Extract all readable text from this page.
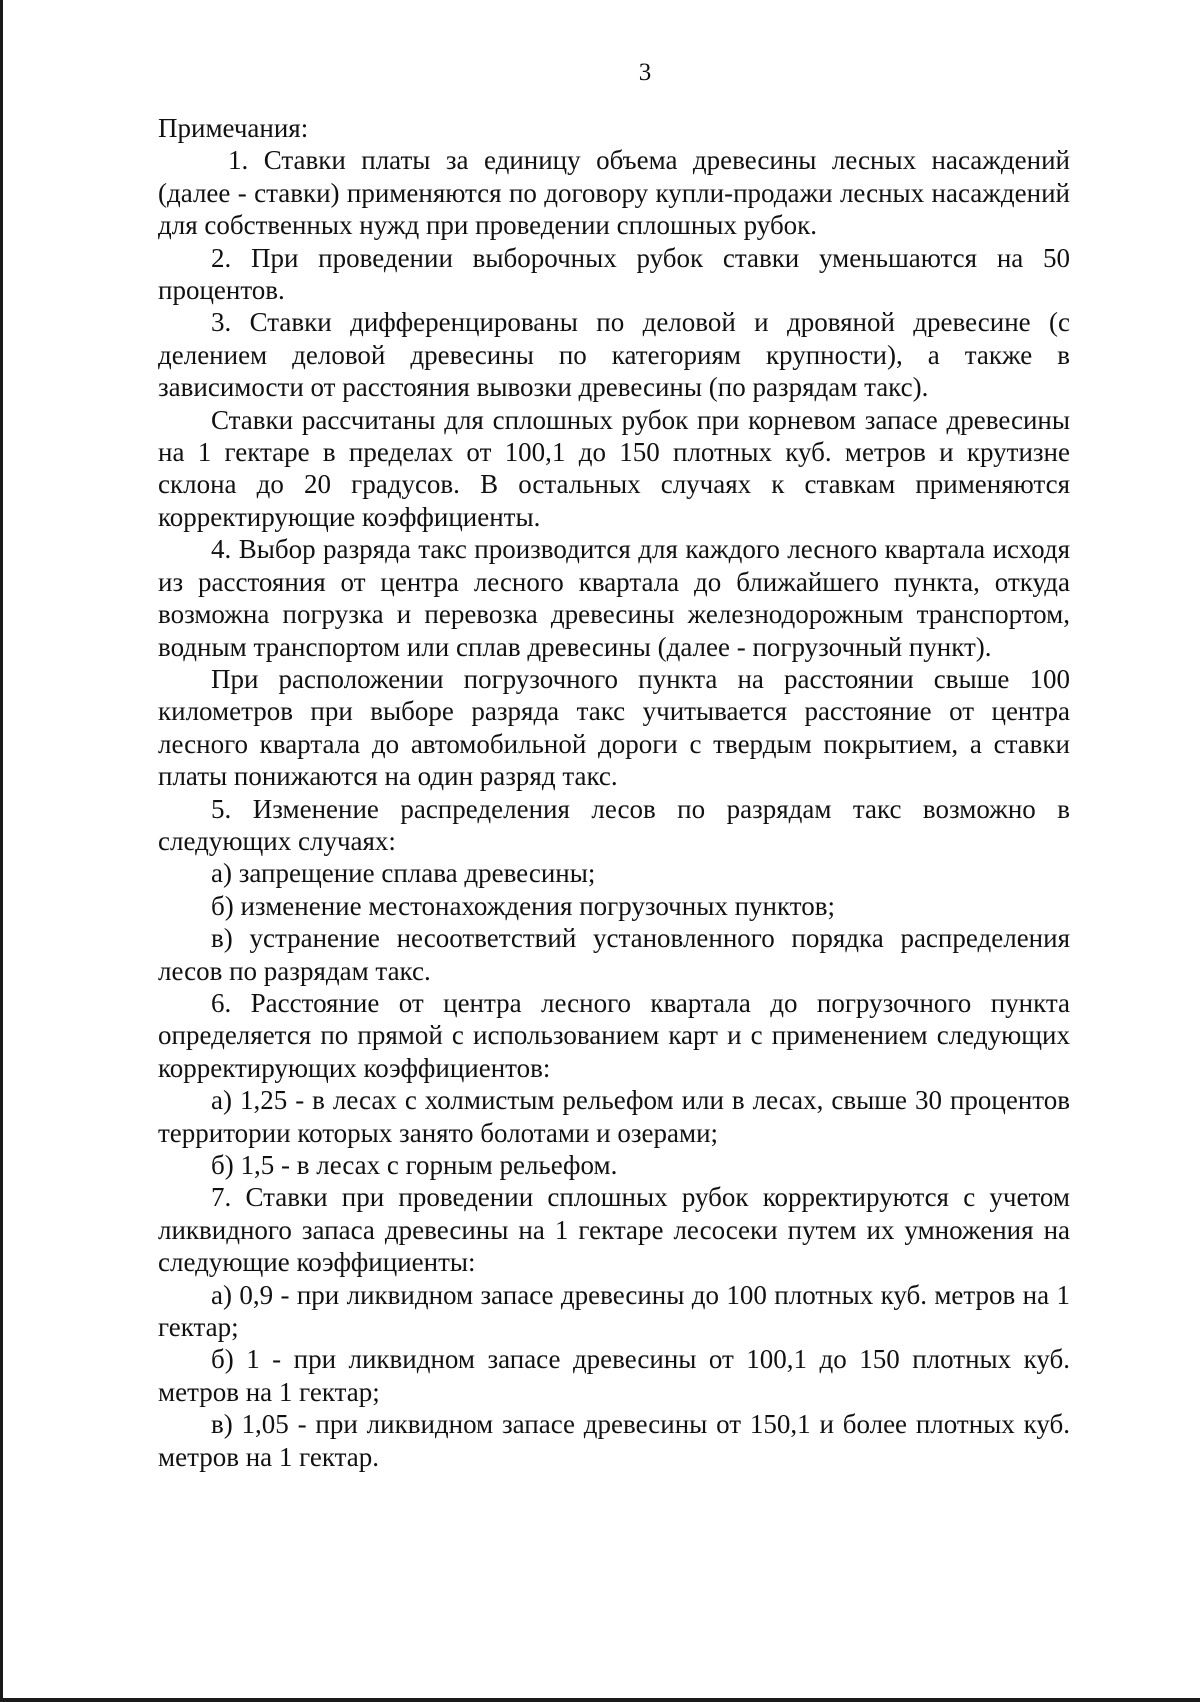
3
Примечания:

1. Ставки платы за единицу объема древесины лесных насаждений (далее - ставки) применяются по договору купли-продажи лесных насаждений для собственных нужд при проведении сплошных рубок.

2. При проведении выборочных рубок ставки уменьшаются на 50 процентов.

3. Ставки дифференцированы по деловой и дровяной древесине (с делением деловой древесины по категориям крупности), а также в зависимости от расстояния вывозки древесины (по разрядам такс).

Ставки рассчитаны для сплошных рубок при корневом запасе древесины на 1 гектаре в пределах от 100,1 до 150 плотных куб. метров и крутизне склона до 20 градусов. В остальных случаях к ставкам применяются корректирующие коэффициенты.

4. Выбор разряда такс производится для каждого лесного квартала исходя из расстояния от центра лесного квартала до ближайшего пункта, откуда возможна погрузка и перевозка древесины железнодорожным транспортом, водным транспортом или сплав древесины (далее - погрузочный пункт).

При расположении погрузочного пункта на расстоянии свыше 100 километров при выборе разряда такс учитывается расстояние от центра лесного квартала до автомобильной дороги с твердым покрытием, а ставки платы понижаются на один разряд такс.

5. Изменение распределения лесов по разрядам такс возможно в следующих случаях:

а) запрещение сплава древесины;

б) изменение местонахождения погрузочных пунктов;

в) устранение несоответствий установленного порядка распределения лесов по разрядам такс.

6. Расстояние от центра лесного квартала до погрузочного пункта определяется по прямой с использованием карт и с применением следующих корректирующих коэффициентов:

а) 1,25 - в лесах с холмистым рельефом или в лесах, свыше 30 процентов территории которых занято болотами и озерами;

б) 1,5 - в лесах с горным рельефом.

7. Ставки при проведении сплошных рубок корректируются с учетом ликвидного запаса древесины на 1 гектаре лесосеки путем их умножения на следующие коэффициенты:

а) 0,9 - при ликвидном запасе древесины до 100 плотных куб. метров на 1 гектар;

б) 1 - при ликвидном запасе древесины от 100,1 до 150 плотных куб. метров на 1 гектар;

в) 1,05 - при ликвидном запасе древесины от 150,1 и более плотных куб. метров на 1 гектар.
